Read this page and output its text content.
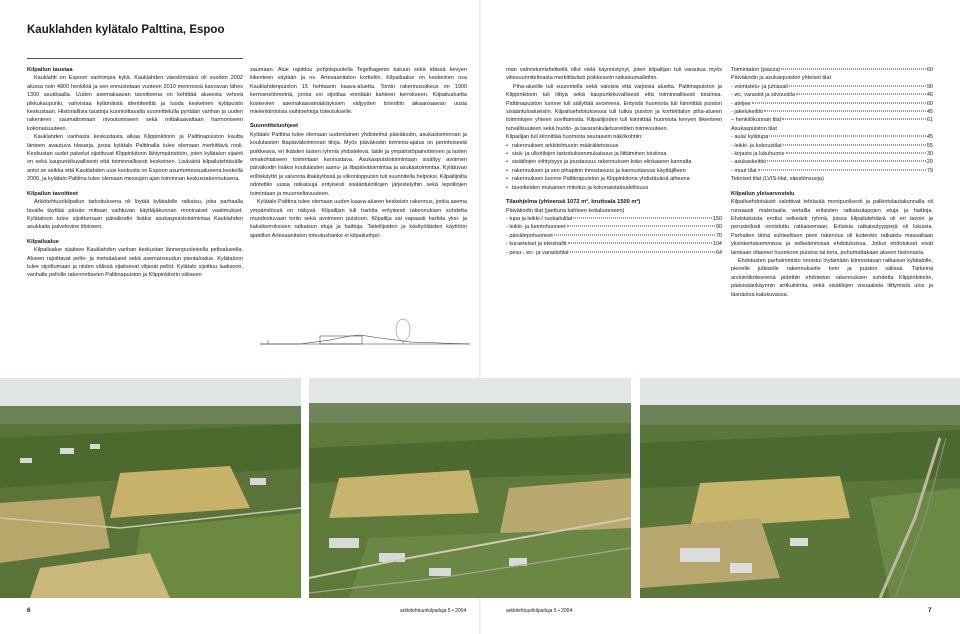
Kauklahden kylätalo Palttina, Espoo
Kilpailun taustaa

Kauklahti on Espoon vanhimpia kyliä. Kauklahden väestömäärä oli vuoden 2002 alussa noin 4800 henkilöä ja sen ennustetaan vuoteen 2010 mennessä kasvavan lähes 1300 asukkaalla. Uuden asemakaavan tavoitteena on kehittää alueesta vehreä pikkukaupunki, vahvistaa kylämäistä identiteettiä ja luoda keskeinen kyläpuisto keskustaan. Historiallisia taustoja kunnioittavalla suunnittelulla pyritään vanhan ja uuden rakenteen saumattomaan nivoutumiseen sekä mittakaavaltaan harmoniseen kokonaisuuteen.

Kauklahden vanhasta keskustasta alkaa Klippinkitorin ja Palttinapuiston kautta länteen avautuva tilasarja, jossa kylätalo Palttinalla tulee olemaan merkittävä rooli. Keskustan uudet palvelut sijoittuvat Klippinkitorin lähiympäristöön, joten kylätalon sijainti on sekä kaupunkikuvallisesti että toiminnallisesti keskeinen. Lisäväriä kilpailutehtävälle antoi se seikka että Kauklahden uusi keskusta on Espoon asuntomessualueena keskellä 2006, ja kylätalo Palttina tulee olemaan messujen ajan toiminnan keskusrakennuksena.

Kilpailun tavoitteet

Arkkitehtuurikilpailun tarkoituksena oli löytää kylätalolle ratkaisu, joka parhaalla tavalla täyttää päivän mittaan vaihtuvan käyttäjäkunnan moninaiset vaatimukset. Kylätaloon tulee sijoittumaan päiväkodin lisäksi asukaspuistotoimintaa Kauklahden asukkaita palvelevine tiloineen.

Kilpailualue

Kilpailualue sijaitsee Kauklahden vanhan keskustan lännenpuoleisella peltoalueella. Alueen rajoittavat pelto- ja metsäalueet sekä asemanseudun pientaloalue. Kylätaloon tulee sijoittumaan ja niiden välissä sijaitsevat viljavat pellot. Kylätalo sijoittuu laaksoon, vanhalle pellolle rakennettavien Palttinapuiston ja Klippinkitorin väliseen

saumaan. Alue rajoittuu pohjoispuolella Tegelhagenin katuun sekä idässä kevyen liikenteen väylään ja ns. Artesaanitalon kortteliin. Kilpailualue on keskeinen osa Kauklahdenpuiston 15 hehtaarin kaava-aluetta. Tontin rakennusoikeus on 1900 kerrosneliömetriä, jonka voi sijoittaa enintään kahteen kerrokseen. Kilpailualuetta koskevien asemakaavamääräyksien väljyyden toivottiin aikaansaavan uusia mielenkiintoisia vaihtoehtoja toteutukselle.

Suunnitteluohjeet

Kylätalo Palttina tulee olemaan uudenlainen yhdistelmä päiväkodin, asukastoiminnan ja koululaisten iltapäivätoiminnan tiloja. Myös päiväkodin toiminta-ajatus on perinteisestä poikkeava, eri ikäisten lasten ryhmiä yhdistelevä, taide ja ympäristöpainotteinen ja lasten omakohtaiseen toimintaan kannustava. Asukaspuistotoimintaan sisältyy avoimen päiväkodin lisäksi koululaisten aamu- ja iltapäivätoimintaa ja asukastoimintaa. Kylätuvan erilliskäyttö ja valvonta iltakäytössä ja viikonloppuisin tuli suunnitella helpoksi. Kilpailijoilta odotettiin uusia ratkaisuja erityisesti sisääntulotilojen järjestelyihin sekä lepotilojen toimintaan ja muunneltavuuteen.

Kylätalo Palttina tulee olemaan uuden kaava-alueen keskeisin rakennus, jonka asema ympäristössä on näkyvä. Kilpailijan tuli harkita erityisesti rakennuksen suhdetta muodostuvaan toriin sekä avoimeen puistoon. Kilpailija sai vapaasti harkita yksi- ja kaksikerroksisen ratkaisun etuja ja haittoja. Taiteilijoiden ja käsityöläisten käyttöön ajatellun Artesaanitalon toteutushanke ei kilpailuohjel-

man valmistumishetkellä ollut vielä käynnistynyt, joten kilpailijan tuli varautua myös viitesuunnitelmasta merkittävästi poikkeaviin ratkaisumalleihin.

Piha-alueille tuli suunnitella sekä valoisia että varjoisia alueita. Palttinapuiston ja Klippinkitorin tuli liittyä sekä kaupunkikuvallisesti että toiminnallisesti toisiinsa. Palttinapuiston luonne tuli säilyttää avoimena. Erityistä huomiota tuli kiinnittää puiston sisääntuloalueisiin. Kilpailuehdotuksessa tuli tutkia puiston ja korttelitalon piha-alueen toimintojen yhteen sovittamista. Kilpailijoiden tuli kiinnittää huomiota kevyen liikenteen turvallisuuteen sekä huolto- ja tavarankuljetusreittien toimivuuteen.

Kilpailijan tuli kiinnittää huomiota seuraaviin näkökohtiin:

• rakennuksen arkkitehtuurin määrätietoisuus
• sisä- ja ulkotilojen tarkoituksenmukaisuus ja liittäminen toisiinsa
• sisätilojen viihtyisyys ja joustavuus rakennuksen koko elinkaaren kannalta
• rakennuksen ja sen pihapiirin innostavuus ja kannustavuus käyttäjilleen
• rakennuksen luonne Palttinapuiston ja Klippinkitoria yhdistävänä aiheena
• tavoitteiden mukainen mitoitus ja kokonaistaloudellisuus
Tilaohjelma (yhteensä 1072 m², bruttoala 1500 m²)

Päiväkodin tilat (jaettuna kahteen kotialueeseen)

- tupa ja leikki-/ ruokailutilat	150
- leikki- ja luontohuoneet	90
- päivälepohuoneet	70
- kuraeteiset ja eteishallit	104
- pesu-, wc- ja varastotilat	64
Toimintatori (piazza)	60

Päiväkodin ja asukaspuiston yhteiset tilat

- voimistelu- ja juhlasali	90
- wc, varastot ja siivoustila	46
- ateljee	60
- jakelukeittiö	45
– henkilökunnan tilat	61

Asukaspuiston tilat

- aula/ kylätupa	45
- leikki- ja kokoustilat	55
- kirjasto ja lukuhuone	30
- asukaskeittiö	20
- muut tilat	79

Tekniset tilat (LVIS-tilat, väestönsuoja)

Kilpailun yleisarvostelu

Kilpailuehdotukset valottivat tehtävää monipuolisesti ja palkintolautakunnalla oli runsaasti materiaalia vertailla erilaisten ratkaisutapojen etuja ja haittoja. Ehdotuksista erottui selkeästi ryhmä, joissa kilpailutehtävä oli eri tavoin ja perustellusti onnistuttu ratkaisemaan. Erilaisia ratkaisutyyppejä oli lukuisia. Parhaiten tämä suhteellisen pieni rakennus oli kuitenkin ratkaistu massaltaan yksinkertaisemmissa ja selkeämmissä ehdotuksissa. Jotkut ehdotukset eivät lainkaan ottaneet huomioon puistoa tai toria, puhumattakaan alueen historiasta.

Ehdotusten parhaimmisto onnistui löytämään kiinnostavan ratkaisun kylätalolle, pienelle julkiselle rakennukselle torin ja puiston välissä. Tärkeinä arviointikriteereinä pidettiin ehdotetun rakennuksen suhdetta Klippinkitoriin, pääsisäänkäynnin artikulointia, sekä sisätilojen visuaalista liittymistä ulos ja läsnäoloa katukuvassa.

6	arkkitehtuurikilpailuja 5 • 2004	arkkitehtuurikilpailuja 5 • 2004	7
